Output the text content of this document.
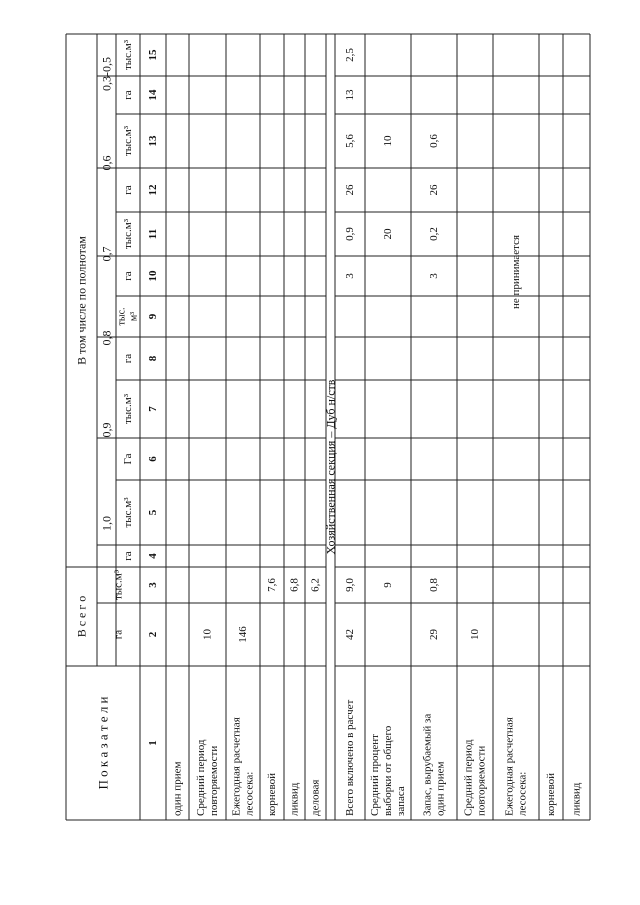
П о к а з а т е л и
В с е г о
В том числе по полнотам
1,0
0,9
0,8
0,7
0,6
0,3-0,5
га
тыс.м³
га
тыс.м³
Га
тыс.м³
га
тыс. м³
га
тыс.м³
га
тыс.м³
га
тыс.м³
1
2
3
4
5
6
7
8
9
10
11
12
13
14
15
Хозяйственная секция – Дуб н/ств
один прием Средний период повторяемости
10
Ежегодная расчетная лесосека:
146
корневой
7,6
ликвид
6,8
деловая
6,2
Всего включено в расчет
42
9,0
3
0,9
26
5,6
13
2,5
Средний процент выборки от общего запаса
9
20
10
Запас, вырубаемый за один прием
29
0,8
3
0,2
26
0,6
Средний период повторяемости
10
Ежегодная расчетная лесосека: корневой ликвид
не принимается
